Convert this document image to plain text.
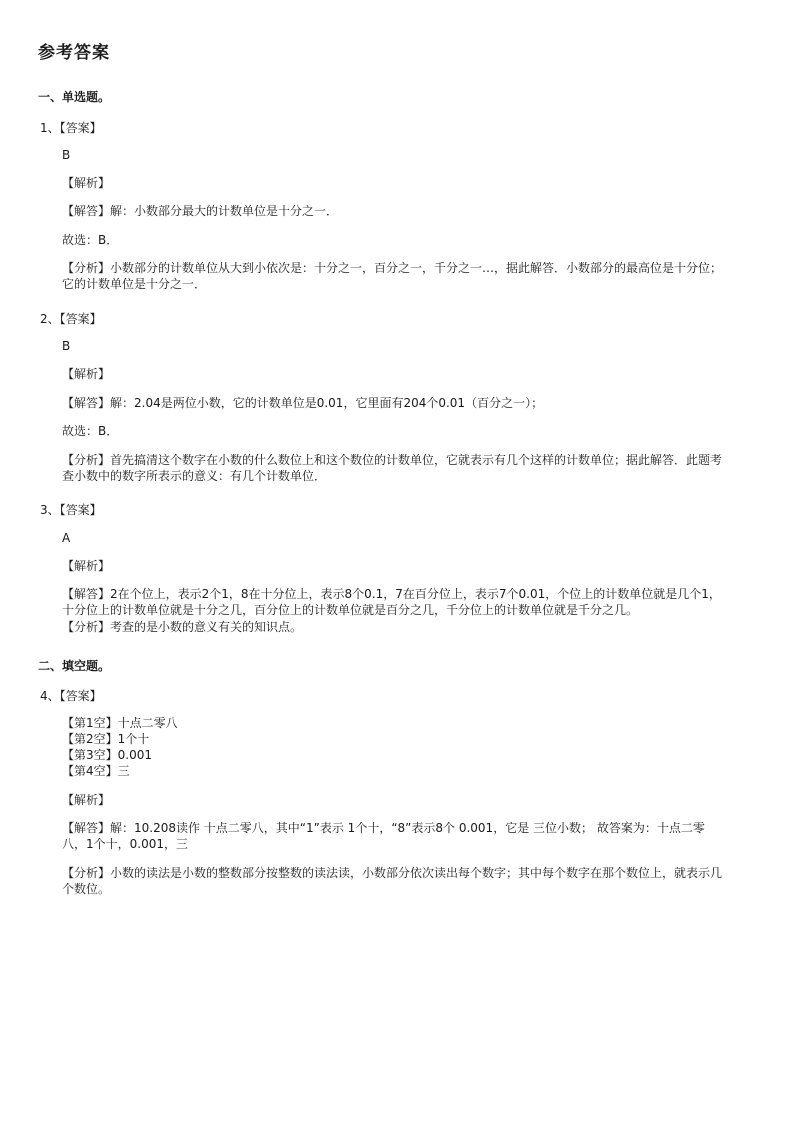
参考答案
一、单选题。
1、【答案】
B
【解析】
【解答】解：小数部分最大的计数单位是十分之一．
故选：B．
【分析】小数部分的计数单位从大到小依次是：十分之一，百分之一，千分之一…，据此解答．小数部分的最高位是十分位；它的计数单位是十分之一．
2、【答案】
B
【解析】
【解答】解：2.04是两位小数，它的计数单位是0.01，它里面有204个0.01（百分之一）；
故选：B．
【分析】首先搞清这个数字在小数的什么数位上和这个数位的计数单位，它就表示有几个这样的计数单位；据此解答．此题考查小数中的数字所表示的意义：有几个计数单位．
3、【答案】
A
【解析】
【解答】2在个位上，表示2个1，8在十分位上，表示8个0.1，7在百分位上，表示7个0.01，个位上的计数单位就是几个1，十分位上的计数单位就是十分之几，百分位上的计数单位就是百分之几，千分位上的计数单位就是千分之几。
【分析】考查的是小数的意义有关的知识点。
二、填空题。
4、【答案】
【第1空】十点二零八
【第2空】1个十
【第3空】0.001
【第4空】三
【解析】
【解答】解：10.208读作 十点二零八，其中“1”表示 1个十，“8”表示8个 0.001，它是 三位小数； 故答案为：十点二零八，1个十，0.001，三
【分析】小数的读法是小数的整数部分按整数的读法读，小数部分依次读出每个数字；其中每个数字在那个数位上，就表示几个数位。
